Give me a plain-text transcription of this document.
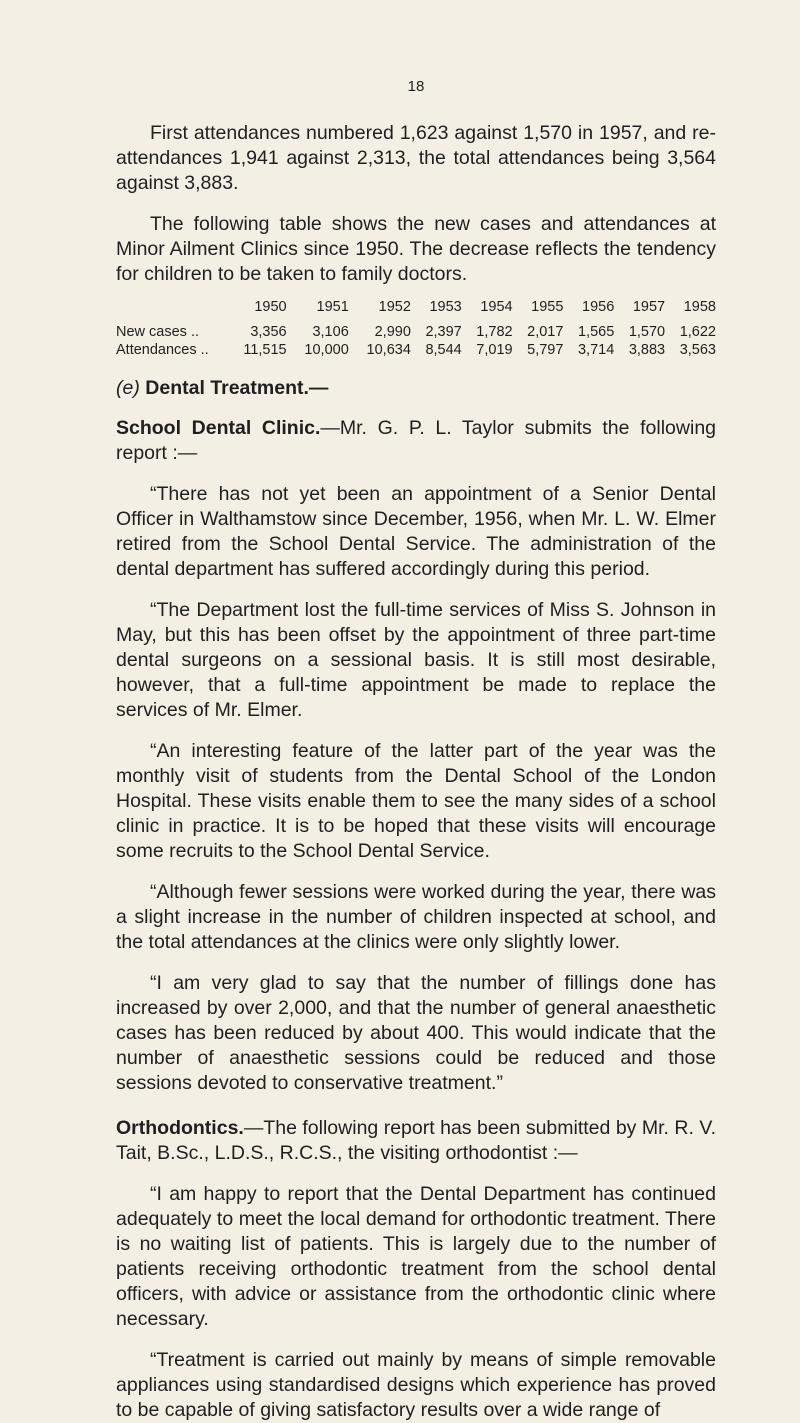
18

First attendances numbered 1,623 against 1,570 in 1957, and re-attendances 1,941 against 2,313, the total attendances being 3,564 against 3,883.

The following table shows the new cases and attendances at Minor Ailment Clinics since 1950. The decrease reflects the tendency for children to be taken to family doctors.

	1950	1951	1952	1953	1954	1955	1956	1957	1958
New cases ..	3,356	3,106	2,990	2,397	1,782	2,017	1,565	1,570	1,622
Attendances ..	11,515	10,000	10,634	8,544	7,019	5,797	3,714	3,883	3,563
(e) Dental Treatment.—

School Dental Clinic.—Mr. G. P. L. Taylor submits the following report :—

“There has not yet been an appointment of a Senior Dental Officer in Walthamstow since December, 1956, when Mr. L. W. Elmer retired from the School Dental Service. The administration of the dental department has suffered accordingly during this period.

“The Department lost the full-time services of Miss S. Johnson in May, but this has been offset by the appointment of three part-time dental surgeons on a sessional basis. It is still most desirable, however, that a full-time appointment be made to replace the services of Mr. Elmer.

“An interesting feature of the latter part of the year was the monthly visit of students from the Dental School of the London Hospital. These visits enable them to see the many sides of a school clinic in practice. It is to be hoped that these visits will encourage some recruits to the School Dental Service.

“Although fewer sessions were worked during the year, there was a slight increase in the number of children inspected at school, and the total attendances at the clinics were only slightly lower.

“I am very glad to say that the number of fillings done has increased by over 2,000, and that the number of general anaesthetic cases has been reduced by about 400. This would indicate that the number of anaesthetic sessions could be reduced and those sessions devoted to conservative treatment.”

Orthodontics.—The following report has been submitted by Mr. R. V. Tait, B.Sc., L.D.S., R.C.S., the visiting orthodontist :—

“I am happy to report that the Dental Department has continued adequately to meet the local demand for orthodontic treatment. There is no waiting list of patients. This is largely due to the number of patients receiving orthodontic treatment from the school dental officers, with advice or assistance from the orthodontic clinic where necessary.

“Treatment is carried out mainly by means of simple removable appliances using standardised designs which experience has proved to be capable of giving satisfactory results over a wide range of
